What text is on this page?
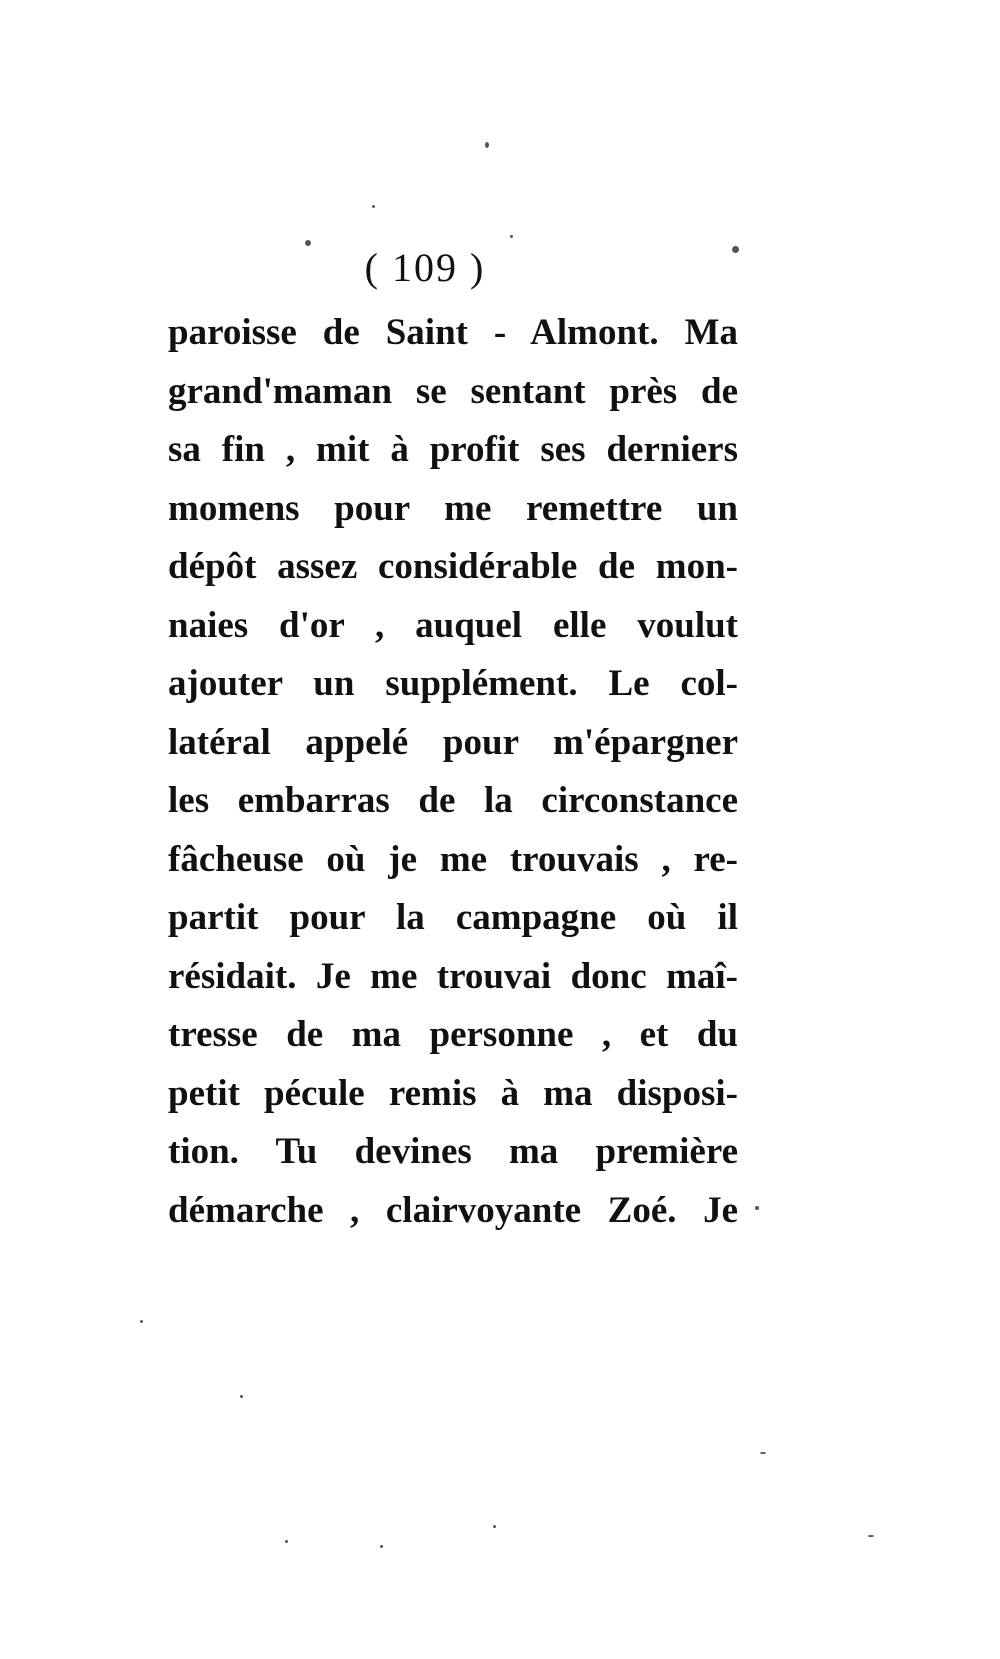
( 109 )
paroisse de Saint - Almont. Ma
grand'maman se sentant près de
sa fin , mit à profit ses derniers
momens pour me remettre un
dépôt assez considérable de mon-
naies d'or , auquel elle voulut
ajouter un supplément. Le col-
latéral appelé pour m'épargner
les embarras de la circonstance
fâcheuse où je me trouvais , re-
partit pour la campagne où il
résidait. Je me trouvai donc maî-
tresse de ma personne , et du
petit pécule remis à ma disposi-
tion. Tu devines ma première
démarche , clairvoyante Zoé. Je
